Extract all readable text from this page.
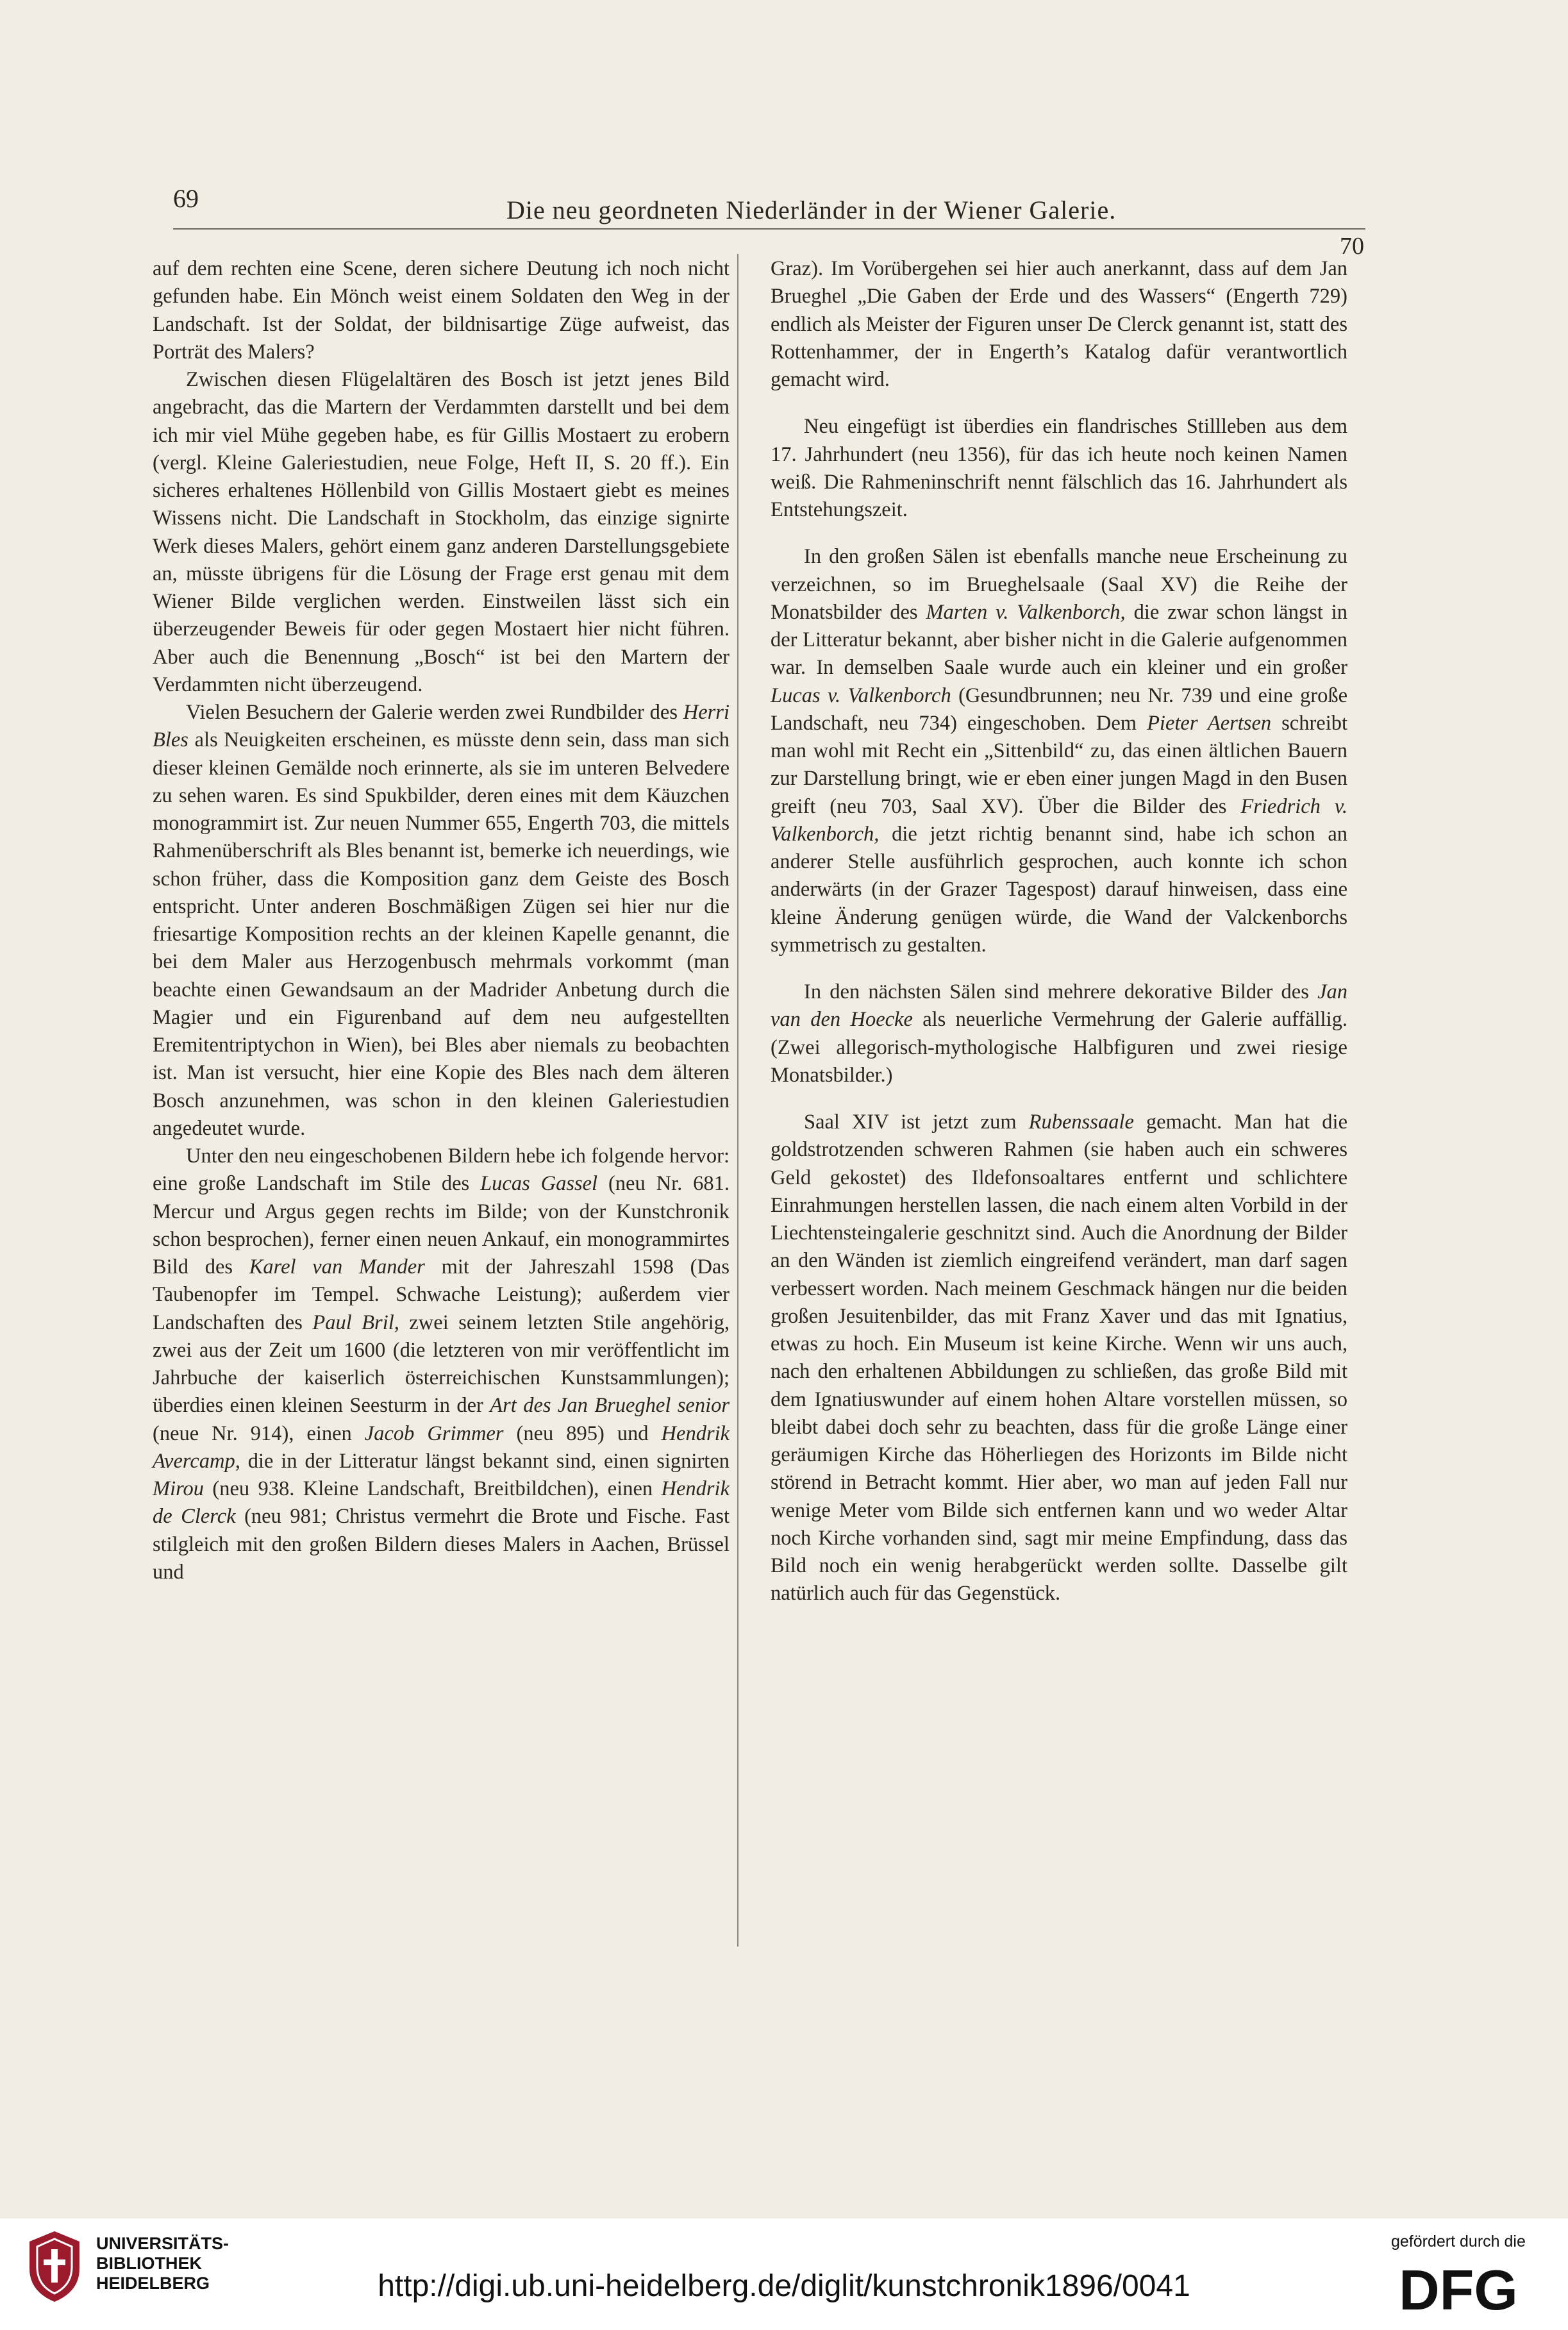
69	Die neu geordneten Niederländer in der Wiener Galerie.
70

auf dem rechten eine Scene, deren sichere Deutung ich noch nicht gefunden habe. Ein Mönch weist einem Soldaten den Weg in der Landschaft. Ist der Soldat, der bildnisartige Züge aufweist, das Porträt des Malers?

Zwischen diesen Flügelaltären des Bosch ist jetzt jenes Bild angebracht, das die Martern der Verdammten darstellt und bei dem ich mir viel Mühe gegeben habe, es für Gillis Mostaert zu erobern (vergl. Kleine Galeriestudien, neue Folge, Heft II, S. 20 ff.). Ein sicheres erhaltenes Höllenbild von Gillis Mostaert giebt es meines Wissens nicht. Die Landschaft in Stockholm, das einzige signirte Werk dieses Malers, gehört einem ganz anderen Darstellungsgebiete an, müsste übrigens für die Lösung der Frage erst genau mit dem Wiener Bilde verglichen werden. Einstweilen lässt sich ein überzeugender Beweis für oder gegen Mostaert hier nicht führen. Aber auch die Benennung „Bosch“ ist bei den Martern der Verdammten nicht überzeugend.

Vielen Besuchern der Galerie werden zwei Rundbilder des Herri Bles als Neuigkeiten erscheinen, es müsste denn sein, dass man sich dieser kleinen Gemälde noch erinnerte, als sie im unteren Belvedere zu sehen waren. Es sind Spukbilder, deren eines mit dem Käuzchen monogrammirt ist. Zur neuen Nummer 655, Engerth 703, die mittels Rahmenüberschrift als Bles benannt ist, bemerke ich neuerdings, wie schon früher, dass die Komposition ganz dem Geiste des Bosch entspricht. Unter anderen Boschmäßigen Zügen sei hier nur die friesartige Komposition rechts an der kleinen Kapelle genannt, die bei dem Maler aus Herzogenbusch mehrmals vorkommt (man beachte einen Gewandsaum an der Madrider Anbetung durch die Magier und ein Figurenband auf dem neu aufgestellten Eremitentriptychon in Wien), bei Bles aber niemals zu beobachten ist. Man ist versucht, hier eine Kopie des Bles nach dem älteren Bosch anzunehmen, was schon in den kleinen Galeriestudien angedeutet wurde.

Unter den neu eingeschobenen Bildern hebe ich folgende hervor: eine große Landschaft im Stile des Lucas Gassel (neu Nr. 681. Mercur und Argus gegen rechts im Bilde; von der Kunstchronik schon besprochen), ferner einen neuen Ankauf, ein monogrammirtes Bild des Karel van Mander mit der Jahreszahl 1598 (Das Taubenopfer im Tempel. Schwache Leistung); außerdem vier Landschaften des Paul Bril, zwei seinem letzten Stile angehörig, zwei aus der Zeit um 1600 (die letzteren von mir veröffentlicht im Jahrbuche der kaiserlich österreichischen Kunstsammlungen); überdies einen kleinen Seesturm in der Art des Jan Brueghel senior (neue Nr. 914), einen Jacob Grimmer (neu 895) und Hendrik Avercamp, die in der Litteratur längst bekannt sind, einen signirten Mirou (neu 938. Kleine Landschaft, Breitbildchen), einen Hendrik de Clerck (neu 981; Christus vermehrt die Brote und Fische. Fast stilgleich mit den großen Bildern dieses Malers in Aachen, Brüssel und

Graz). Im Vorübergehen sei hier auch anerkannt, dass auf dem Jan Brueghel „Die Gaben der Erde und des Wassers“ (Engerth 729) endlich als Meister der Figuren unser De Clerck genannt ist, statt des Rottenhammer, der in Engerth’s Katalog dafür verantwortlich gemacht wird.

Neu eingefügt ist überdies ein flandrisches Stillleben aus dem 17. Jahrhundert (neu 1356), für das ich heute noch keinen Namen weiß. Die Rahmeninschrift nennt fälschlich das 16. Jahrhundert als Entstehungszeit.

In den großen Sälen ist ebenfalls manche neue Erscheinung zu verzeichnen, so im Brueghelsaale (Saal XV) die Reihe der Monatsbilder des Marten v. Valkenborch, die zwar schon längst in der Litteratur bekannt, aber bisher nicht in die Galerie aufgenommen war. In demselben Saale wurde auch ein kleiner und ein großer Lucas v. Valkenborch (Gesundbrunnen; neu Nr. 739 und eine große Landschaft, neu 734) eingeschoben. Dem Pieter Aertsen schreibt man wohl mit Recht ein „Sittenbild“ zu, das einen ältlichen Bauern zur Darstellung bringt, wie er eben einer jungen Magd in den Busen greift (neu 703, Saal XV). Über die Bilder des Friedrich v. Valkenborch, die jetzt richtig benannt sind, habe ich schon an anderer Stelle ausführlich gesprochen, auch konnte ich schon anderwärts (in der Grazer Tagespost) darauf hinweisen, dass eine kleine Änderung genügen würde, die Wand der Valckenborchs symmetrisch zu gestalten.

In den nächsten Sälen sind mehrere dekorative Bilder des Jan van den Hoecke als neuerliche Vermehrung der Galerie auffällig. (Zwei allegorisch-mythologische Halbfiguren und zwei riesige Monatsbilder.)

Saal XIV ist jetzt zum Rubenssaale gemacht. Man hat die goldstrotzenden schweren Rahmen (sie haben auch ein schweres Geld gekostet) des Ildefonsoaltares entfernt und schlichtere Einrahmungen herstellen lassen, die nach einem alten Vorbild in der Liechtensteingalerie geschnitzt sind. Auch die Anordnung der Bilder an den Wänden ist ziemlich eingreifend verändert, man darf sagen verbessert worden. Nach meinem Geschmack hängen nur die beiden großen Jesuitenbilder, das mit Franz Xaver und das mit Ignatius, etwas zu hoch. Ein Museum ist keine Kirche. Wenn wir uns auch, nach den erhaltenen Abbildungen zu schließen, das große Bild mit dem Ignatiuswunder auf einem hohen Altare vorstellen müssen, so bleibt dabei doch sehr zu beachten, dass für die große Länge einer geräumigen Kirche das Höherliegen des Horizonts im Bilde nicht störend in Betracht kommt. Hier aber, wo man auf jeden Fall nur wenige Meter vom Bilde sich entfernen kann und wo weder Altar noch Kirche vorhanden sind, sagt mir meine Empfindung, dass das Bild noch ein wenig herabgerückt werden sollte. Dasselbe gilt natürlich auch für das Gegenstück.

UNIVERSITÄTS-
BIBLIOTHEK
HEIDELBERG	http://digi.ub.uni-heidelberg.de/diglit/kunstchronik1896/0041
gefördert durch die
DFG
